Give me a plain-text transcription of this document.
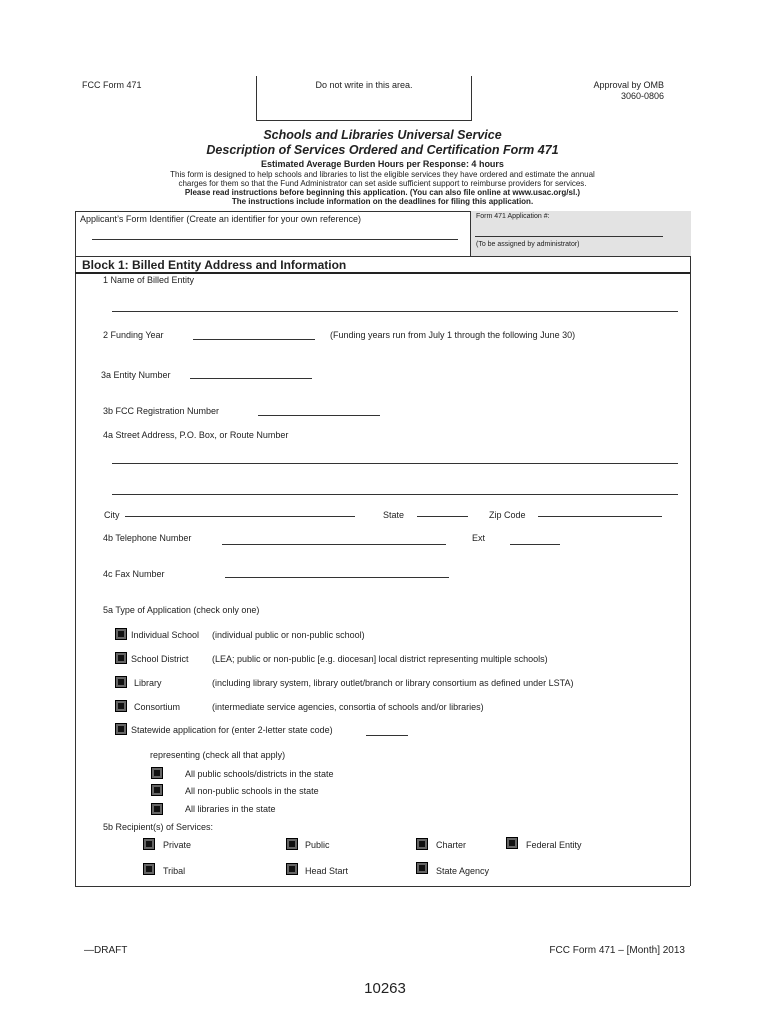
FCC Form 471	Do not write in this area.	Approval by OMB
3060-0806
Schools and Libraries Universal Service
Description of Services Ordered and Certification Form 471
Estimated Average Burden Hours per Response: 4 hours
This form is designed to help schools and libraries to list the eligible services they have ordered and estimate the annual
charges for them so that the Fund Administrator can set aside sufficient support to reimburse providers for services.
Please read instructions before beginning this application. (You can also file online at www.usac.org/sl.)
The instructions include information on the deadlines for filing this application.
Applicant’s Form Identifier (Create an identifier for your own reference)	Form 471 Application #:
(To be assigned by administrator)
Block 1: Billed Entity Address and Information
1 Name of Billed Entity
2 Funding Year	(Funding years run from July 1 through the following June 30)
3a Entity Number
3b FCC Registration Number
4a Street Address, P.O. Box, or Route Number
City	State	Zip Code
4b Telephone Number	Ext
4c Fax Number
5a Type of Application (check only one)
Individual School (individual public or non-public school)
School District	(LEA; public or non-public [e.g. diocesan] local district representing multiple schools)
Library	(including library system, library outlet/branch or library consortium as defined under LSTA)
Consortium	(intermediate service agencies, consortia of schools and/or libraries)
Statewide application for (enter 2-letter state code)
representing (check all that apply)
All public schools/districts in the state
All non-public schools in the state
All libraries in the state
5b Recipient(s) of Services:
Private	Public	Charter	Federal Entity
Tribal	Head Start	State Agency
—DRAFT	FCC Form 471 – [Month] 2013
10263
